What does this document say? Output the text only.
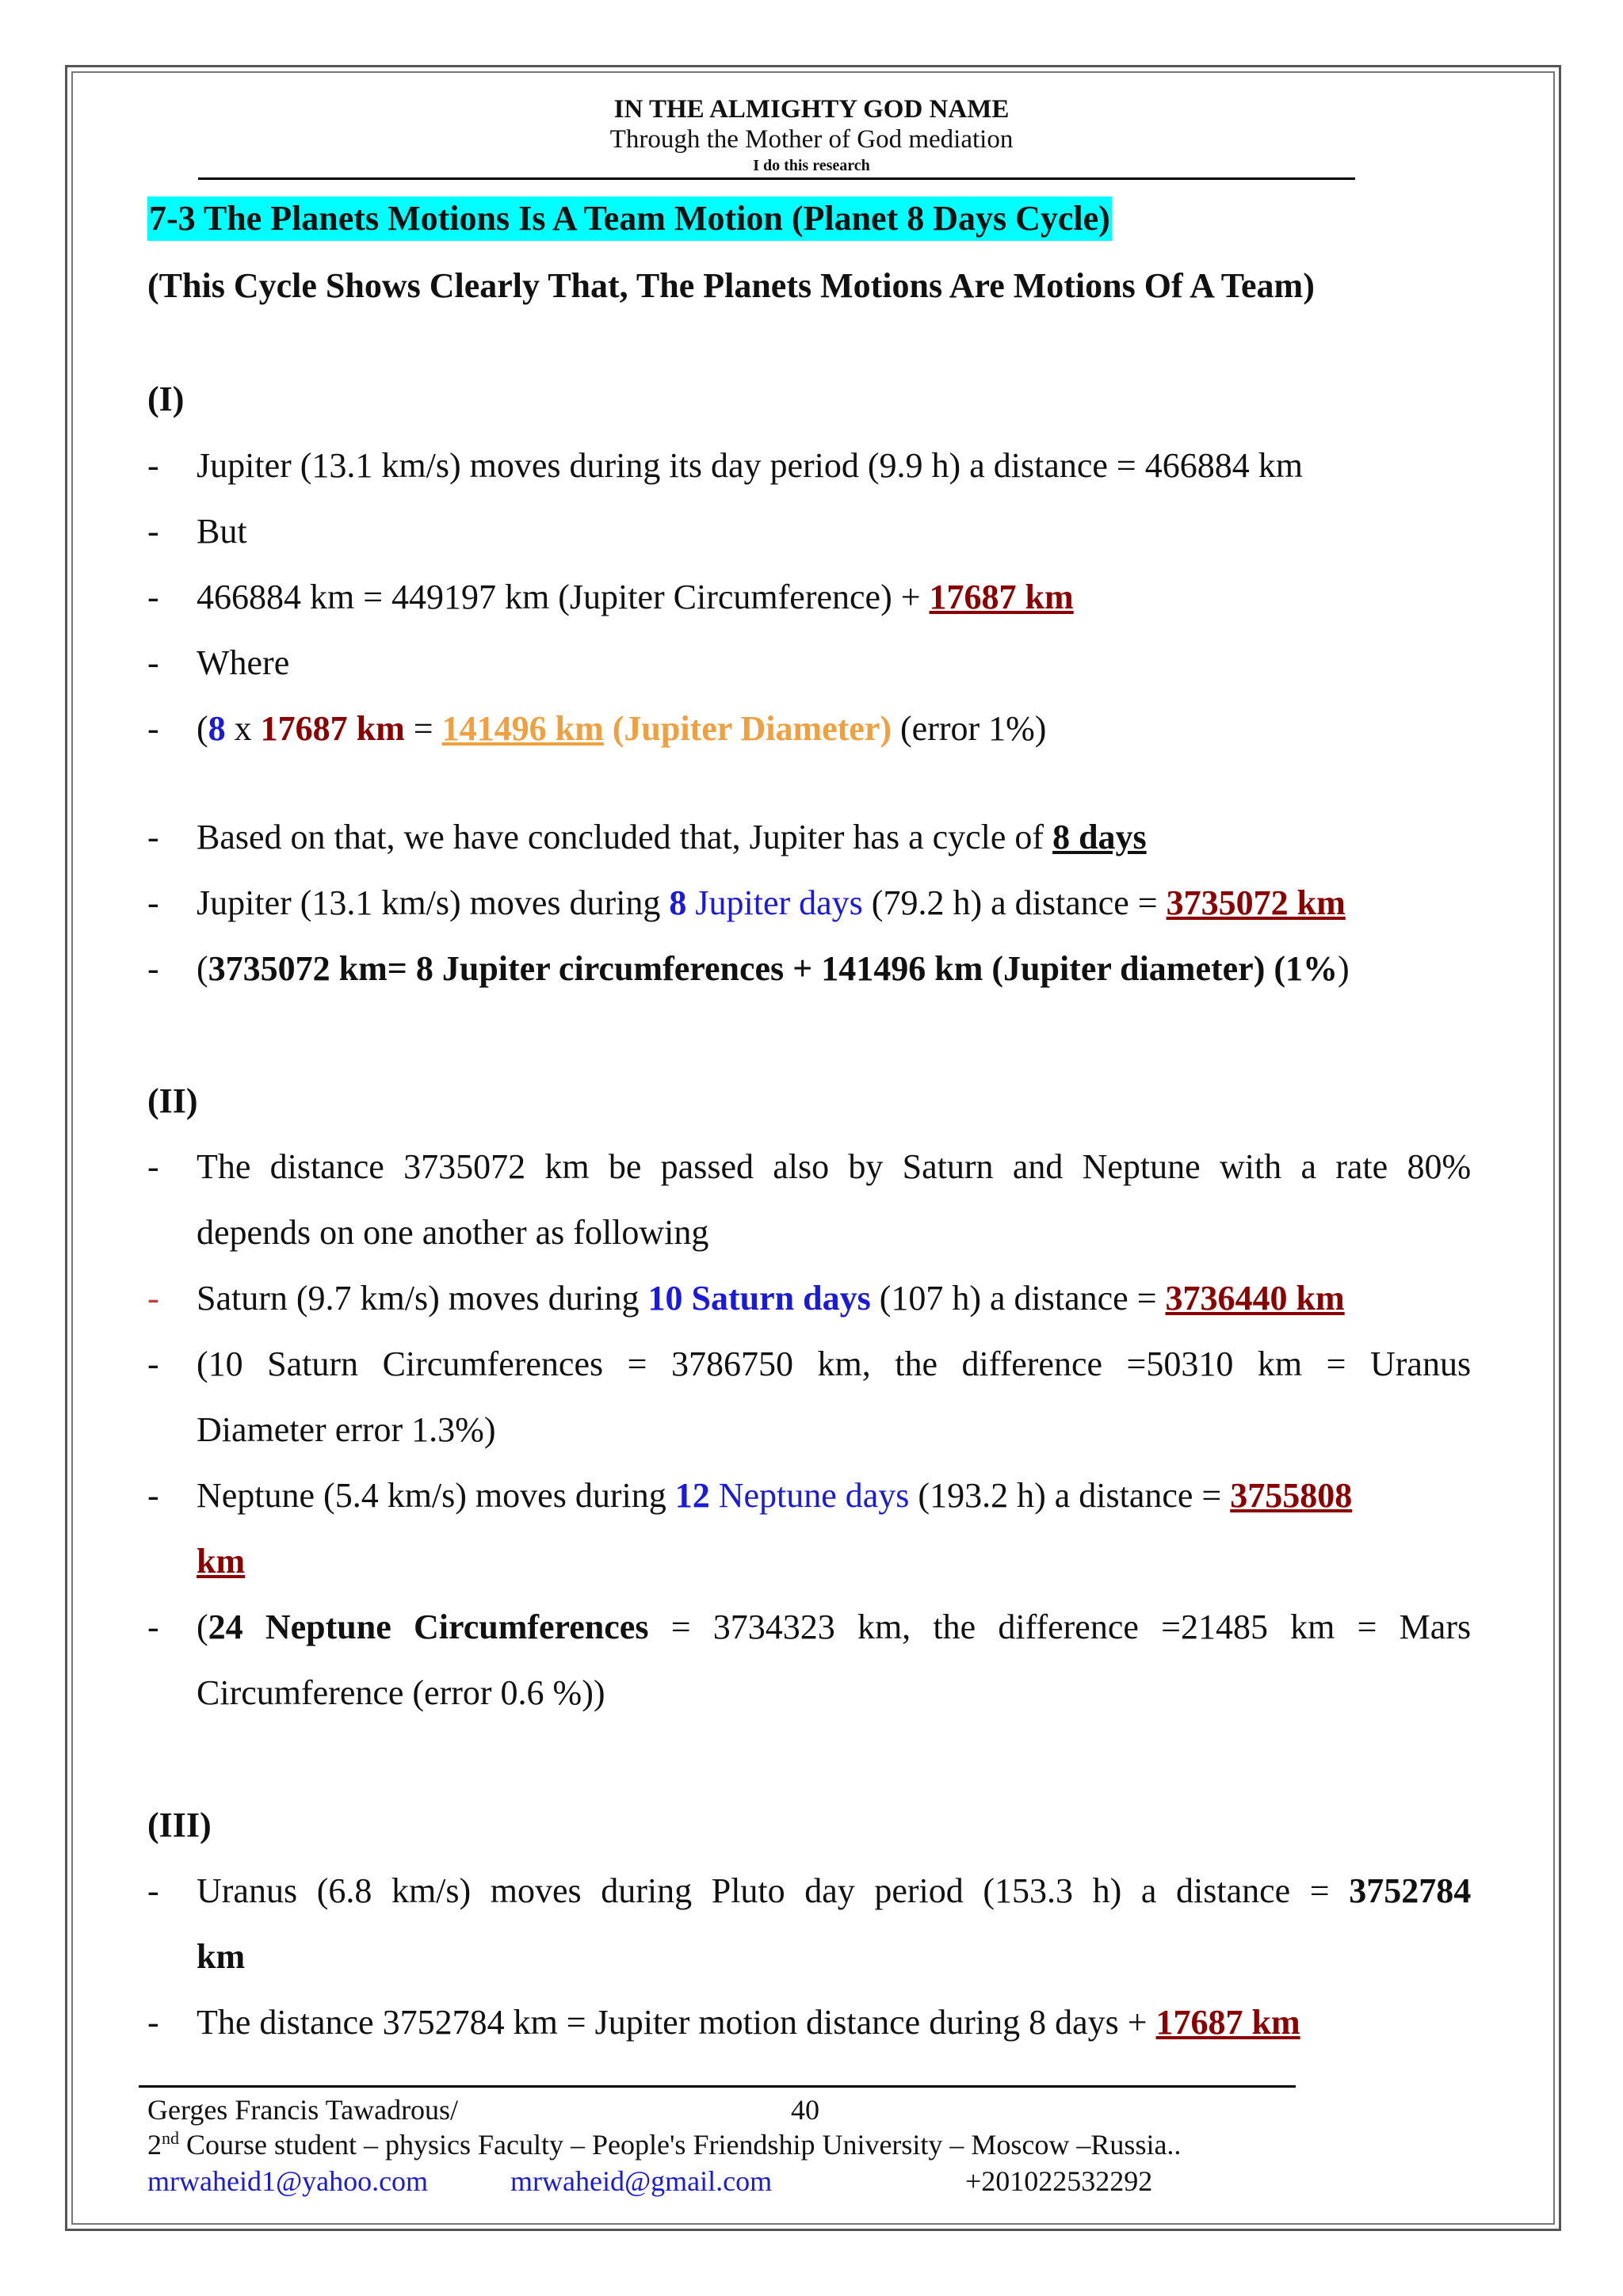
IN THE ALMIGHTY GOD NAME
Through the Mother of God mediation
I do this research
7-3 The Planets Motions Is A Team Motion (Planet 8 Days Cycle)
(This Cycle Shows Clearly That, The Planets Motions Are Motions Of A Team)
(I)
- Jupiter (13.1 km/s) moves during its day period (9.9 h) a distance = 466884 km
- But
- 466884 km = 449197 km (Jupiter Circumference) + 17687 km
- Where
- (8 x 17687 km = 141496 km (Jupiter Diameter) (error 1%)
- Based on that, we have concluded that, Jupiter has a cycle of 8 days
- Jupiter (13.1 km/s) moves during 8 Jupiter days (79.2 h) a distance = 3735072 km
- (3735072 km= 8 Jupiter circumferences + 141496 km (Jupiter diameter) (1%)
(II)
- The distance 3735072 km be passed also by Saturn and Neptune with a rate 80%
depends on one another as following
- Saturn (9.7 km/s) moves during 10 Saturn days (107 h) a distance = 3736440 km
- (10 Saturn Circumferences = 3786750 km, the difference =50310 km = Uranus
Diameter error 1.3%)
- Neptune (5.4 km/s) moves during 12 Neptune days (193.2 h) a distance = 3755808
km
- (24 Neptune Circumferences = 3734323 km, the difference =21485 km = Mars
Circumference (error 0.6 %))
(III)
- Uranus (6.8 km/s) moves during Pluto day period (153.3 h) a distance = 3752784
km
- The distance 3752784 km = Jupiter motion distance during 8 days + 17687 km
Gerges Francis Tawadrous/	40
2nd Course student – physics Faculty – People's Friendship University – Moscow –Russia..
mrwaheid1@yahoo.com	mrwaheid@gmail.com	+201022532292
